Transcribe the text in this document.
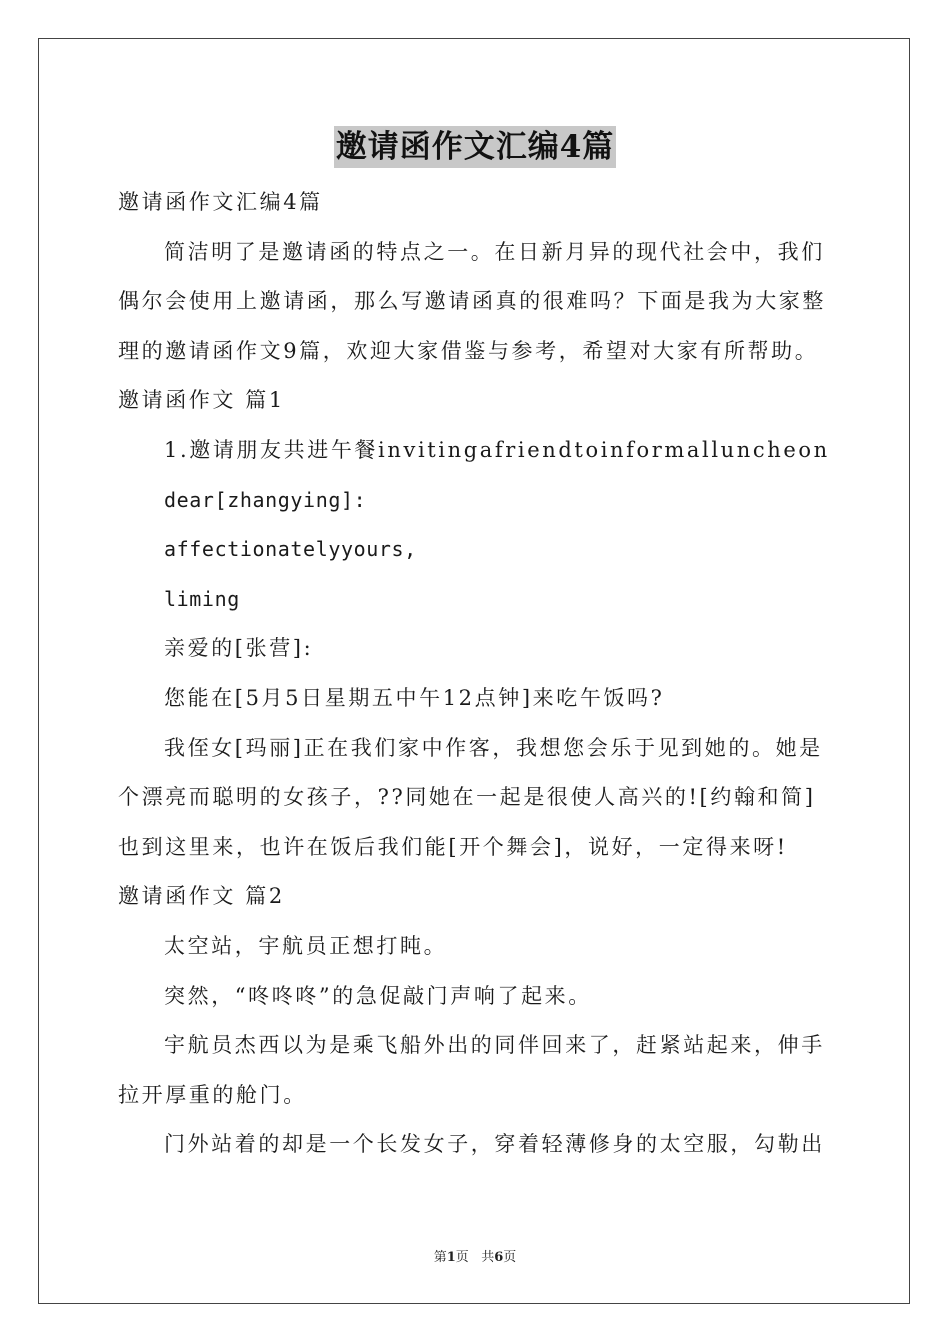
邀请函作文汇编4篇
邀请函作文汇编4篇
简洁明了是邀请函的特点之一。在日新月异的现代社会中，我们
偶尔会使用上邀请函，那么写邀请函真的很难吗？下面是我为大家整
理的邀请函作文9篇，欢迎大家借鉴与参考，希望对大家有所帮助。
邀请函作文 篇1
1.邀请朋友共进午餐invitingafriendtoinformalluncheon
dear[zhangying]:
affectionatelyyours,
liming
亲爱的[张营]:
您能在[5月5日星期五中午12点钟]来吃午饭吗?
我侄女[玛丽]正在我们家中作客，我想您会乐于见到她的。她是
个漂亮而聪明的女孩子，??同她在一起是很使人高兴的![约翰和简]
也到这里来，也许在饭后我们能[开个舞会]，说好，一定得来呀!
邀请函作文 篇2
太空站，宇航员正想打盹。
突然，“咚咚咚”的急促敲门声响了起来。
宇航员杰西以为是乘飞船外出的同伴回来了，赶紧站起来，伸手
拉开厚重的舱门。
门外站着的却是一个长发女子，穿着轻薄修身的太空服，勾勒出
第1页 共6页
